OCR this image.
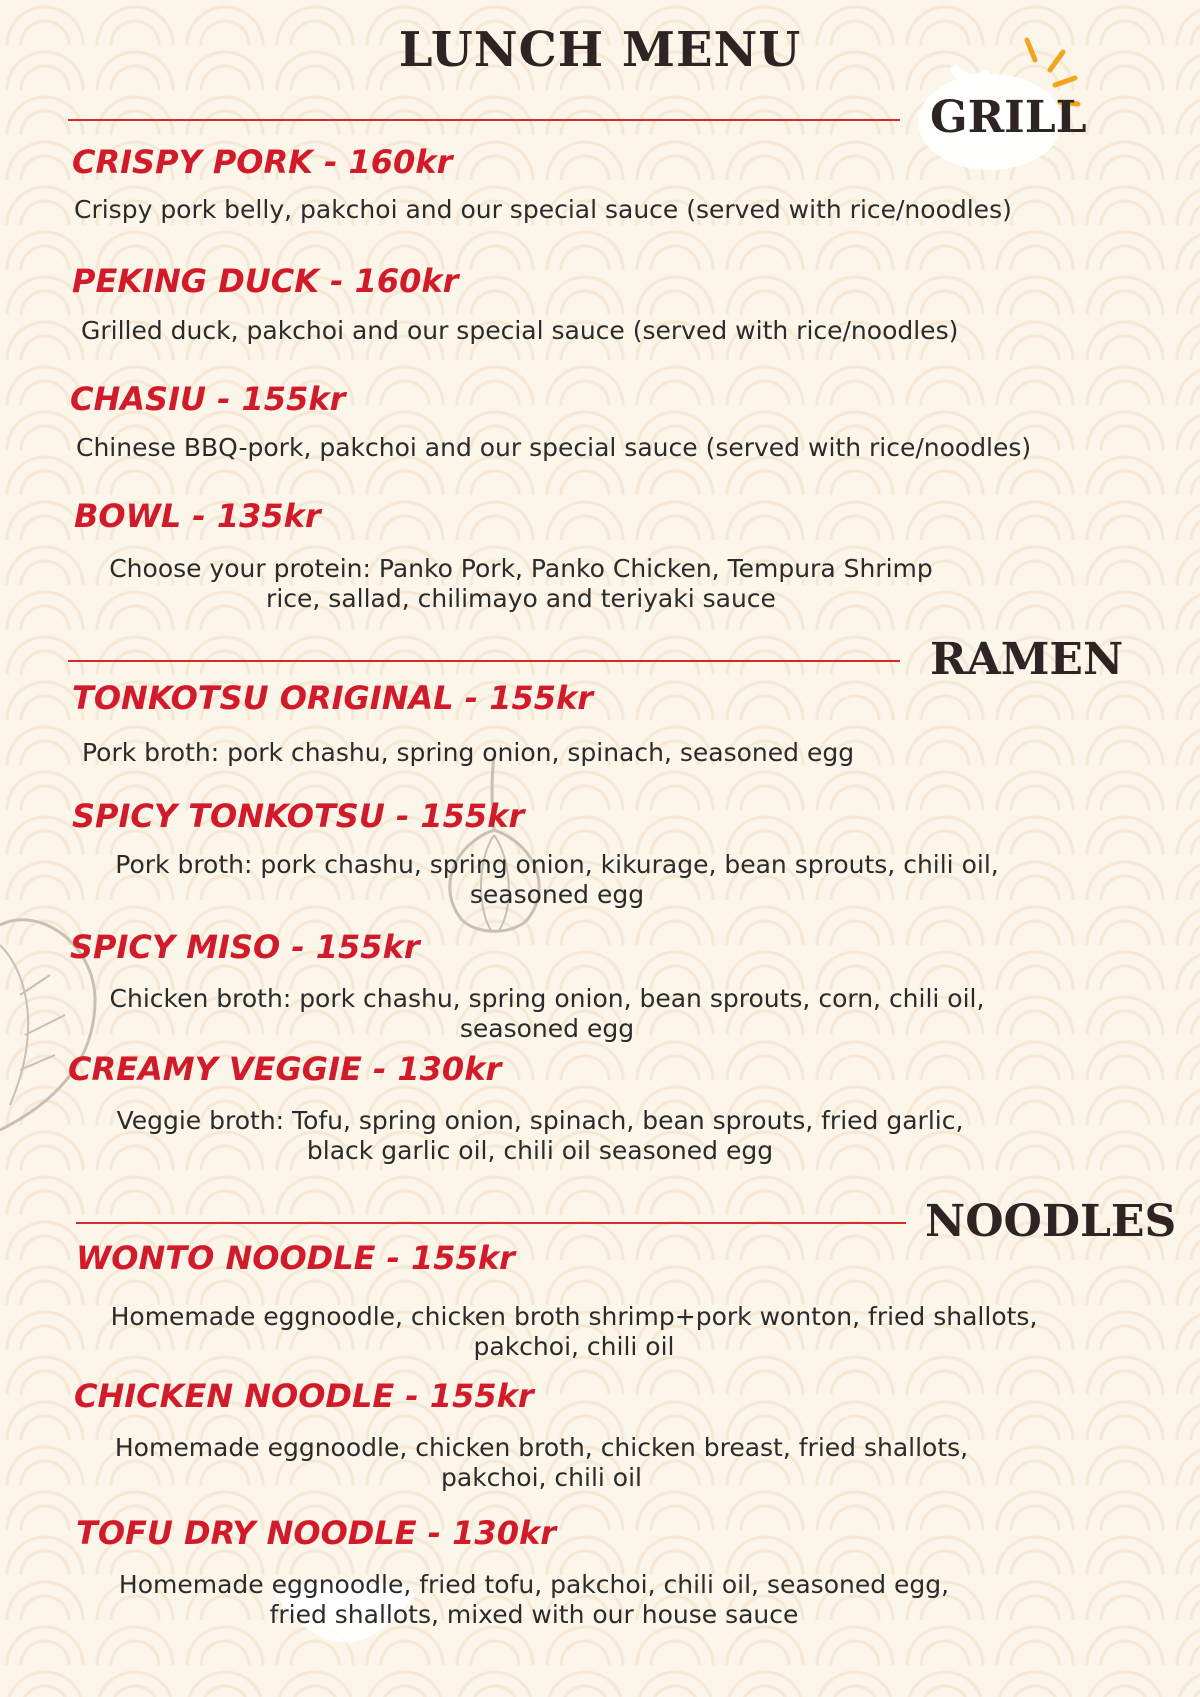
LUNCH MENU
GRILL
CRISPY PORK - 160kr
Crispy pork belly, pakchoi and our special sauce (served with rice/noodles)
PEKING DUCK - 160kr
Grilled duck, pakchoi and our special sauce (served with rice/noodles)
CHASIU - 155kr
Chinese BBQ-pork, pakchoi and our special sauce (served with rice/noodles)
BOWL - 135kr
Choose your protein: Panko Pork, Panko Chicken, Tempura Shrimp
rice, sallad, chilimayo and teriyaki sauce
RAMEN
TONKOTSU ORIGINAL - 155kr
Pork broth: pork chashu, spring onion, spinach, seasoned egg
SPICY TONKOTSU - 155kr
Pork broth: pork chashu, spring onion, kikurage, bean sprouts, chili oil,
seasoned egg
SPICY MISO - 155kr
Chicken broth: pork chashu, spring onion, bean sprouts, corn, chili oil,
seasoned egg
CREAMY VEGGIE - 130kr
Veggie broth: Tofu, spring onion, spinach, bean sprouts, fried garlic,
black garlic oil, chili oil seasoned egg
NOODLES
WONTO NOODLE - 155kr
Homemade eggnoodle, chicken broth shrimp+pork wonton, fried shallots,
pakchoi, chili oil
CHICKEN NOODLE - 155kr
Homemade eggnoodle, chicken broth, chicken breast, fried shallots,
pakchoi, chili oil
TOFU DRY NOODLE - 130kr
Homemade eggnoodle, fried tofu, pakchoi, chili oil, seasoned egg,
fried shallots, mixed with our house sauce
